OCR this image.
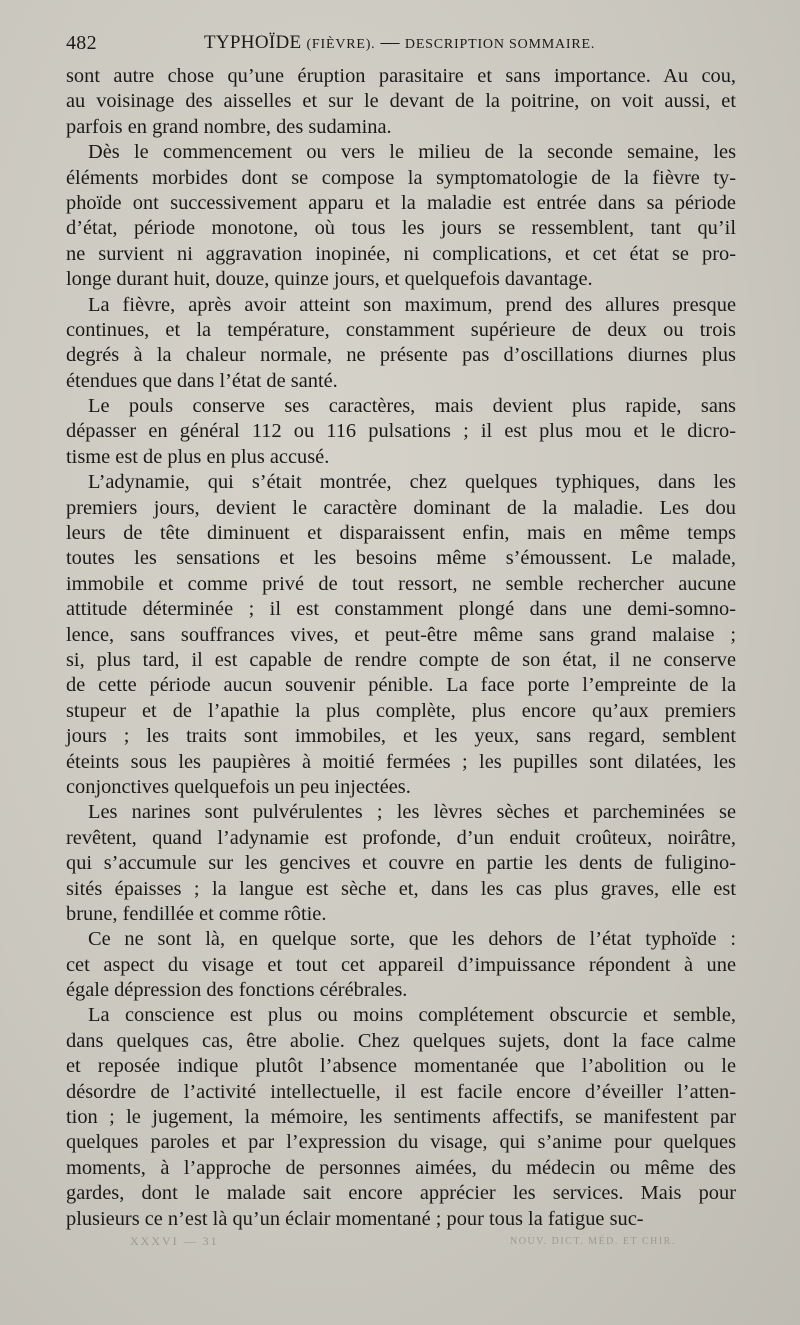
482	TYPHOÏDE (FIÈVRE). — DESCRIPTION SOMMAIRE.
sont autre chose qu’une éruption parasitaire et sans importance. Au cou,
au voisinage des aisselles et sur le devant de la poitrine, on voit aussi, et
parfois en grand nombre, des sudamina.
Dès le commencement ou vers le milieu de la seconde semaine, les
éléments morbides dont se compose la symptomatologie de la fièvre ty-
phoïde ont successivement apparu et la maladie est entrée dans sa période
d’état, période monotone, où tous les jours se ressemblent, tant qu’il
ne survient ni aggravation inopinée, ni complications, et cet état se pro-
longe durant huit, douze, quinze jours, et quelquefois davantage.
La fièvre, après avoir atteint son maximum, prend des allures presque
continues, et la température, constamment supérieure de deux ou trois
degrés à la chaleur normale, ne présente pas d’oscillations diurnes plus
étendues que dans l’état de santé.
Le pouls conserve ses caractères, mais devient plus rapide, sans
dépasser en général 112 ou 116 pulsations ; il est plus mou et le dicro-
tisme est de plus en plus accusé.
L’adynamie, qui s’était montrée, chez quelques typhiques, dans les
premiers jours, devient le caractère dominant de la maladie. Les dou
leurs de tête diminuent et disparaissent enfin, mais en même temps
toutes les sensations et les besoins même s’émoussent. Le malade,
immobile et comme privé de tout ressort, ne semble rechercher aucune
attitude déterminée ; il est constamment plongé dans une demi-somno-
lence, sans souffrances vives, et peut-être même sans grand malaise ;
si, plus tard, il est capable de rendre compte de son état, il ne conserve
de cette période aucun souvenir pénible. La face porte l’empreinte de la
stupeur et de l’apathie la plus complète, plus encore qu’aux premiers
jours ; les traits sont immobiles, et les yeux, sans regard, semblent
éteints sous les paupières à moitié fermées ; les pupilles sont dilatées, les
conjonctives quelquefois un peu injectées.
Les narines sont pulvérulentes ; les lèvres sèches et parcheminées se
revêtent, quand l’adynamie est profonde, d’un enduit croûteux, noirâtre,
qui s’accumule sur les gencives et couvre en partie les dents de fuligino-
sités épaisses ; la langue est sèche et, dans les cas plus graves, elle est
brune, fendillée et comme rôtie.
Ce ne sont là, en quelque sorte, que les dehors de l’état typhoïde :
cet aspect du visage et tout cet appareil d’impuissance répondent à une
égale dépression des fonctions cérébrales.
La conscience est plus ou moins complétement obscurcie et semble,
dans quelques cas, être abolie. Chez quelques sujets, dont la face calme
et reposée indique plutôt l’absence momentanée que l’abolition ou le
désordre de l’activité intellectuelle, il est facile encore d’éveiller l’atten-
tion ; le jugement, la mémoire, les sentiments affectifs, se manifestent par
quelques paroles et par l’expression du visage, qui s’anime pour quelques
moments, à l’approche de personnes aimées, du médecin ou même des
gardes, dont le malade sait encore apprécier les services. Mais pour
plusieurs ce n’est là qu’un éclair momentané ; pour tous la fatigue suc-
XXXVI — 31	NOUV. DICT. MÉD. ET CHIR.
